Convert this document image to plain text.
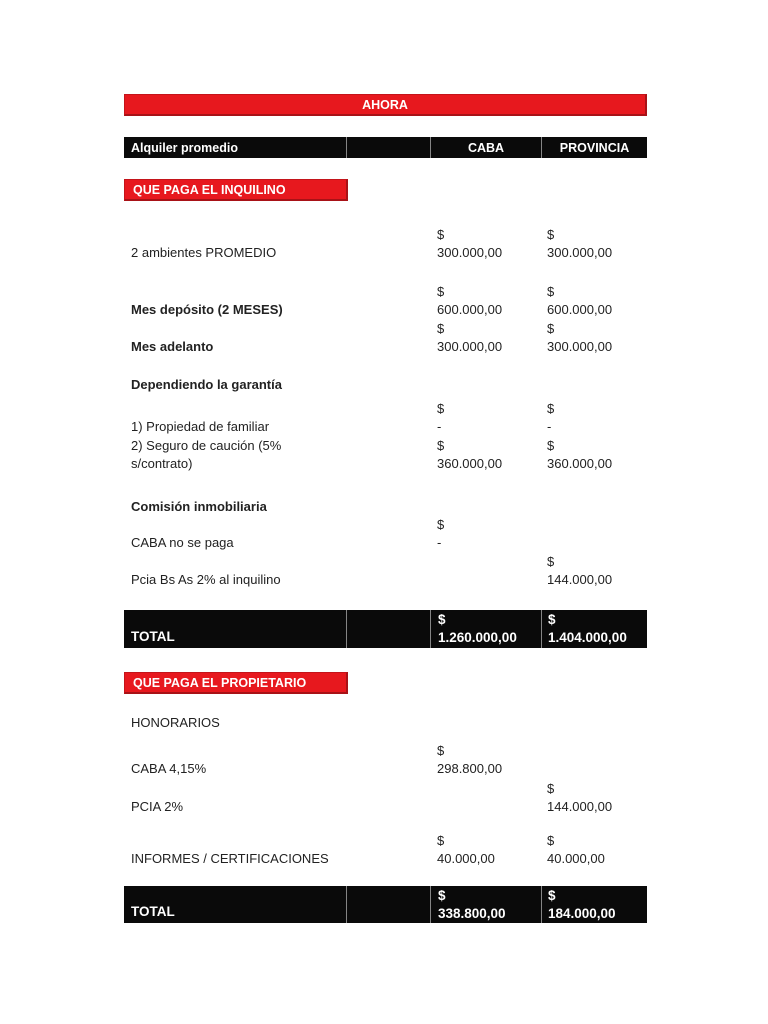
AHORA
Alquiler promedio	CABA	PROVINCIA
QUE PAGA EL INQUILINO
2 ambientes PROMEDIO
$
300.000,00
$
300.000,00
Mes depósito (2 MESES)
$
600.000,00
$
600.000,00
Mes adelanto
$
300.000,00
$
300.000,00
Dependiendo la garantía
1) Propiedad de familiar
$
-
$
-
2) Seguro de caución (5% s/contrato)
$
360.000,00
$
360.000,00
Comisión inmobiliaria
CABA no se paga
$
-
Pcia Bs As 2% al inquilino
$
144.000,00
TOTAL
$
1.260.000,00
$
1.404.000,00
QUE PAGA EL PROPIETARIO
HONORARIOS
CABA 4,15%
$
298.800,00
PCIA 2%
$
144.000,00
INFORMES / CERTIFICACIONES
$
40.000,00
$
40.000,00
TOTAL
$
338.800,00
$
184.000,00
